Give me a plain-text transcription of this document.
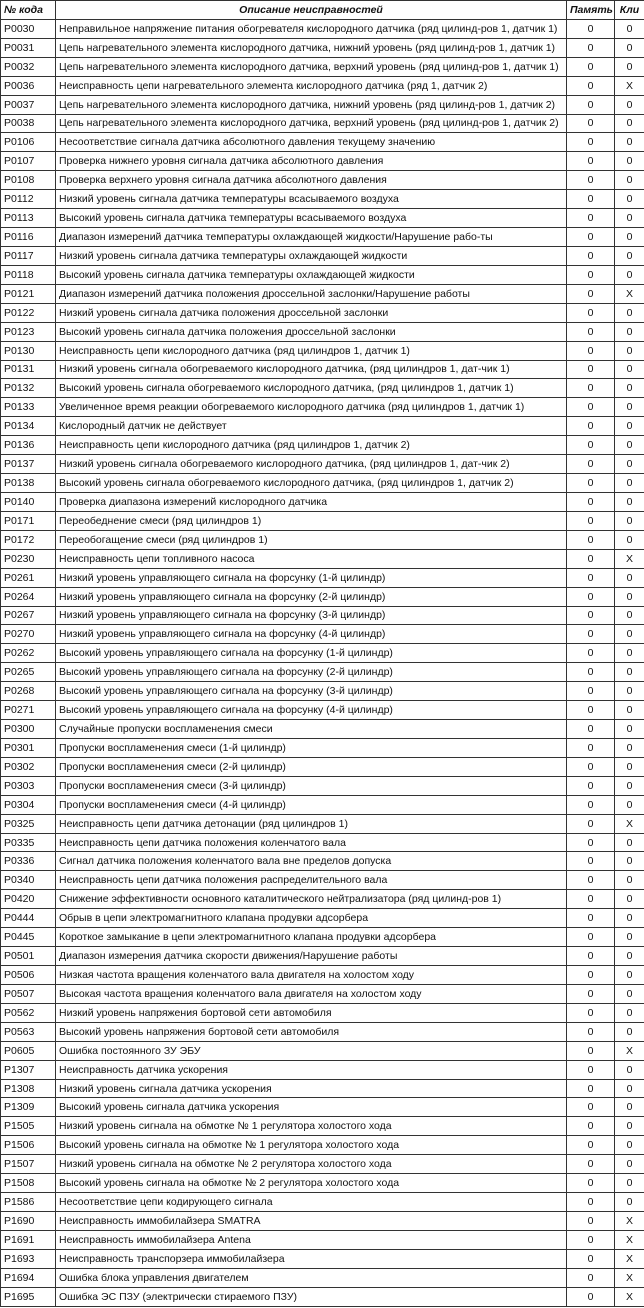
№ кода	Описание неисправностей	Память	Кли
P0030	Неправильное напряжение питания обогревателя кислородного датчика (ряд цилинд-ров 1, датчик 1)	0	0
P0031	Цепь нагревательного элемента кислородного датчика, нижний уровень (ряд цилинд-ров 1, датчик 1)	0	0
P0032	Цепь нагревательного элемента кислородного датчика, верхний уровень (ряд цилинд-ров 1, датчик 1)	0	0
P0036	Неисправность цепи нагревательного элемента кислородного датчика (ряд 1, датчик 2)	0	X
P0037	Цепь нагревательного элемента кислородного датчика, нижний уровень (ряд цилинд-ров 1, датчик 2)	0	0
P0038	Цепь нагревательного элемента кислородного датчика, верхний уровень (ряд цилинд-ров 1, датчик 2)	0	0
P0106	Несоответствие сигнала датчика абсолютного давления текущему значению	0	0
P0107	Проверка нижнего уровня сигнала датчика абсолютного давления	0	0
P0108	Проверка верхнего уровня сигнала датчика абсолютного давления	0	0
P0112	Низкий уровень сигнала датчика температуры всасываемого воздуха	0	0
P0113	Высокий уровень сигнала датчика температуры всасываемого воздуха	0	0
P0116	Диапазон измерений датчика температуры охлаждающей жидкости/Нарушение рабо-ты	0	0
P0117	Низкий уровень сигнала датчика температуры охлаждающей жидкости	0	0
P0118	Высокий уровень сигнала датчика температуры охлаждающей жидкости	0	0
P0121	Диапазон измерений датчика положения дроссельной заслонки/Нарушение работы	0	X
P0122	Низкий уровень сигнала датчика положения дроссельной заслонки	0	0
P0123	Высокий уровень сигнала датчика положения дроссельной заслонки	0	0
P0130	Неисправность цепи кислородного датчика (ряд цилиндров 1, датчик 1)	0	0
P0131	Низкий уровень сигнала обогреваемого кислородного датчика, (ряд цилиндров 1, дат-чик 1)	0	0
P0132	Высокий уровень сигнала обогреваемого кислородного датчика, (ряд цилиндров 1, датчик 1)	0	0
P0133	Увеличенное время реакции обогреваемого кислородного датчика (ряд цилиндров 1, датчик 1)	0	0
P0134	Кислородный датчик не действует	0	0
P0136	Неисправность цепи кислородного датчика (ряд цилиндров 1, датчик 2)	0	0
P0137	Низкий уровень сигнала обогреваемого кислородного датчика, (ряд цилиндров 1, дат-чик 2)	0	0
P0138	Высокий уровень сигнала обогреваемого кислородного датчика, (ряд цилиндров 1, датчик 2)	0	0
P0140	Проверка диапазона измерений кислородного датчика	0	0
P0171	Переобеднение смеси (ряд цилиндров 1)	0	0
P0172	Переобогащение смеси (ряд цилиндров 1)	0	0
P0230	Неисправность цепи топливного насоса	0	X
P0261	Низкий уровень управляющего сигнала на форсунку (1-й цилиндр)	0	0
P0264	Низкий уровень управляющего сигнала на форсунку (2-й цилиндр)	0	0
P0267	Низкий уровень управляющего сигнала на форсунку (3-й цилиндр)	0	0
P0270	Низкий уровень управляющего сигнала на форсунку (4-й цилиндр)	0	0
P0262	Высокий уровень управляющего сигнала на форсунку (1-й цилиндр)	0	0
P0265	Высокий уровень управляющего сигнала на форсунку (2-й цилиндр)	0	0
P0268	Высокий уровень управляющего сигнала на форсунку (3-й цилиндр)	0	0
P0271	Высокий уровень управляющего сигнала на форсунку (4-й цилиндр)	0	0
P0300	Случайные пропуски воспламенения смеси	0	0
P0301	Пропуски воспламенения смеси (1-й цилиндр)	0	0
P0302	Пропуски воспламенения смеси (2-й цилиндр)	0	0
P0303	Пропуски воспламенения смеси (3-й цилиндр)	0	0
P0304	Пропуски воспламенения смеси (4-й цилиндр)	0	0
P0325	Неисправность цепи датчика детонации (ряд цилиндров 1)	0	X
P0335	Неисправность цепи датчика положения коленчатого вала	0	0
P0336	Сигнал датчика положения коленчатого вала вне пределов допуска	0	0
P0340	Неисправность цепи датчика положения распределительного вала	0	0
P0420	Снижение эффективности основного каталитического нейтрализатора (ряд цилинд-ров 1)	0	0
P0444	Обрыв в цепи электромагнитного клапана продувки адсорбера	0	0
P0445	Короткое замыкание в цепи электромагнитного клапана продувки адсорбера	0	0
P0501	Диапазон измерения датчика скорости движения/Нарушение работы	0	0
P0506	Низкая частота вращения коленчатого вала двигателя на холостом ходу	0	0
P0507	Высокая частота вращения коленчатого вала двигателя на холостом ходу	0	0
P0562	Низкий уровень напряжения бортовой сети автомобиля	0	0
P0563	Высокий уровень напряжения бортовой сети автомобиля	0	0
P0605	Ошибка постоянного ЗУ ЭБУ	0	X
P1307	Неисправность датчика ускорения	0	0
P1308	Низкий уровень сигнала датчика ускорения	0	0
P1309	Высокий уровень сигнала датчика ускорения	0	0
P1505	Низкий уровень сигнала на обмотке № 1 регулятора холостого хода	0	0
P1506	Высокий уровень сигнала на обмотке № 1 регулятора холостого хода	0	0
P1507	Низкий уровень сигнала на обмотке № 2 регулятора холостого хода	0	0
P1508	Высокий уровень сигнала на обмотке № 2 регулятора холостого хода	0	0
P1586	Несоответствие цепи кодирующего сигнала	0	0
P1690	Неисправность иммобилайзера SMATRA	0	X
P1691	Неисправность иммобилайзера Antena	0	X
P1693	Неисправность транспорзера иммобилайзера	0	X
P1694	Ошибка блока управления двигателем	0	X
P1695	Ошибка ЭС ПЗУ (электрически стираемого ПЗУ)	0	X
